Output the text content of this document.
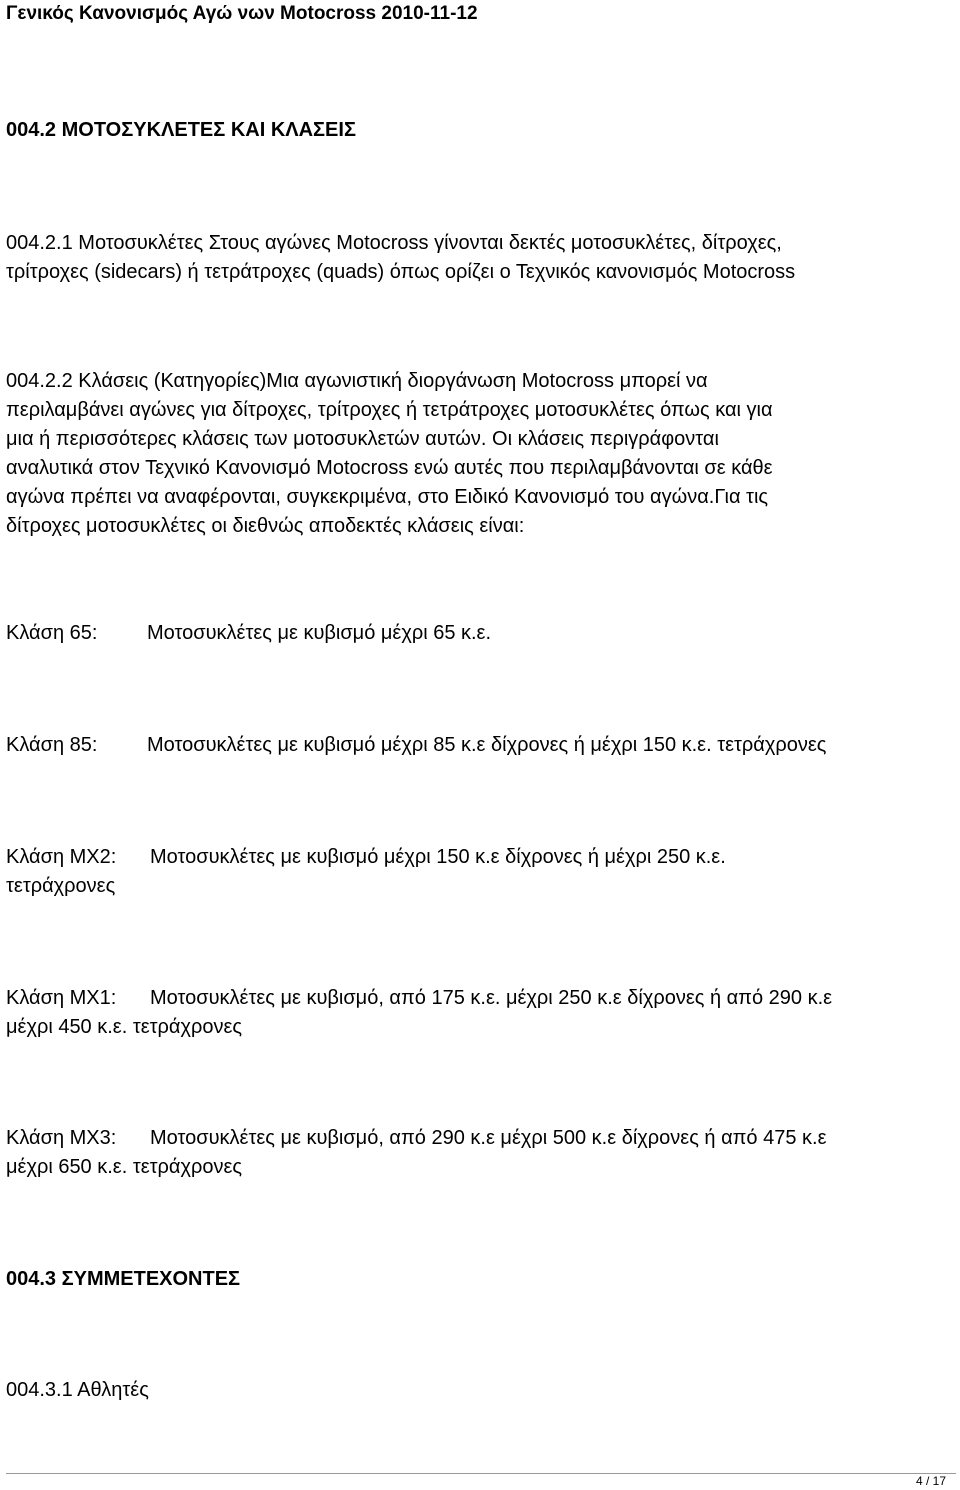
Γενικός Κανονισμός Αγώ νων Motocross 2010-11-12
004.2 ΜΟΤΟΣΥΚΛΕΤΕΣ ΚΑΙ ΚΛΑΣΕΙΣ
004.2.1 Μοτοσυκλέτες Στους αγώνες Motocross γίνονται δεκτές μοτοσυκλέτες, δίτροχες,
τρίτροχες (sidecars) ή τετράτροχες (quads) όπως ορίζει ο Τεχνικός κανονισμός Motocross
004.2.2 Κλάσεις (Κατηγορίες)Μια αγωνιστική διοργάνωση Motocross μπορεί να
περιλαμβάνει αγώνες για δίτροχες, τρίτροχες ή τετράτροχες μοτοσυκλέτες όπως και για
μια ή περισσότερες κλάσεις των μοτοσυκλετών αυτών. Οι κλάσεις περιγράφονται
αναλυτικά στον Τεχνικό Κανονισμό Motocross ενώ αυτές που περιλαμβάνονται σε κάθε
αγώνα πρέπει να αναφέρονται, συγκεκριμένα, στο Ειδικό Κανονισμό του αγώνα.Για τις
δίτροχες μοτοσυκλέτες οι διεθνώς αποδεκτές κλάσεις είναι:
Κλάση 65: Μοτοσυκλέτες με κυβισμό μέχρι 65 κ.ε.
Κλάση 85: Μοτοσυκλέτες με κυβισμό μέχρι 85 κ.ε δίχρονες ή μέχρι 150 κ.ε. τετράχρονες
Κλάση MX2: Μοτοσυκλέτες με κυβισμό μέχρι 150 κ.ε δίχρονες ή μέχρι 250 κ.ε.
τετράχρονες
Κλάση MX1: Μοτοσυκλέτες με κυβισμό, από 175 κ.ε. μέχρι 250 κ.ε δίχρονες ή από 290 κ.ε
μέχρι 450 κ.ε. τετράχρονες
Κλάση MX3: Μοτοσυκλέτες με κυβισμό, από 290 κ.ε μέχρι 500 κ.ε δίχρονες ή από 475 κ.ε
μέχρι 650 κ.ε. τετράχρονες
004.3 ΣΥΜΜΕΤΕΧΟΝΤΕΣ
004.3.1 Αθλητές
4 / 17
